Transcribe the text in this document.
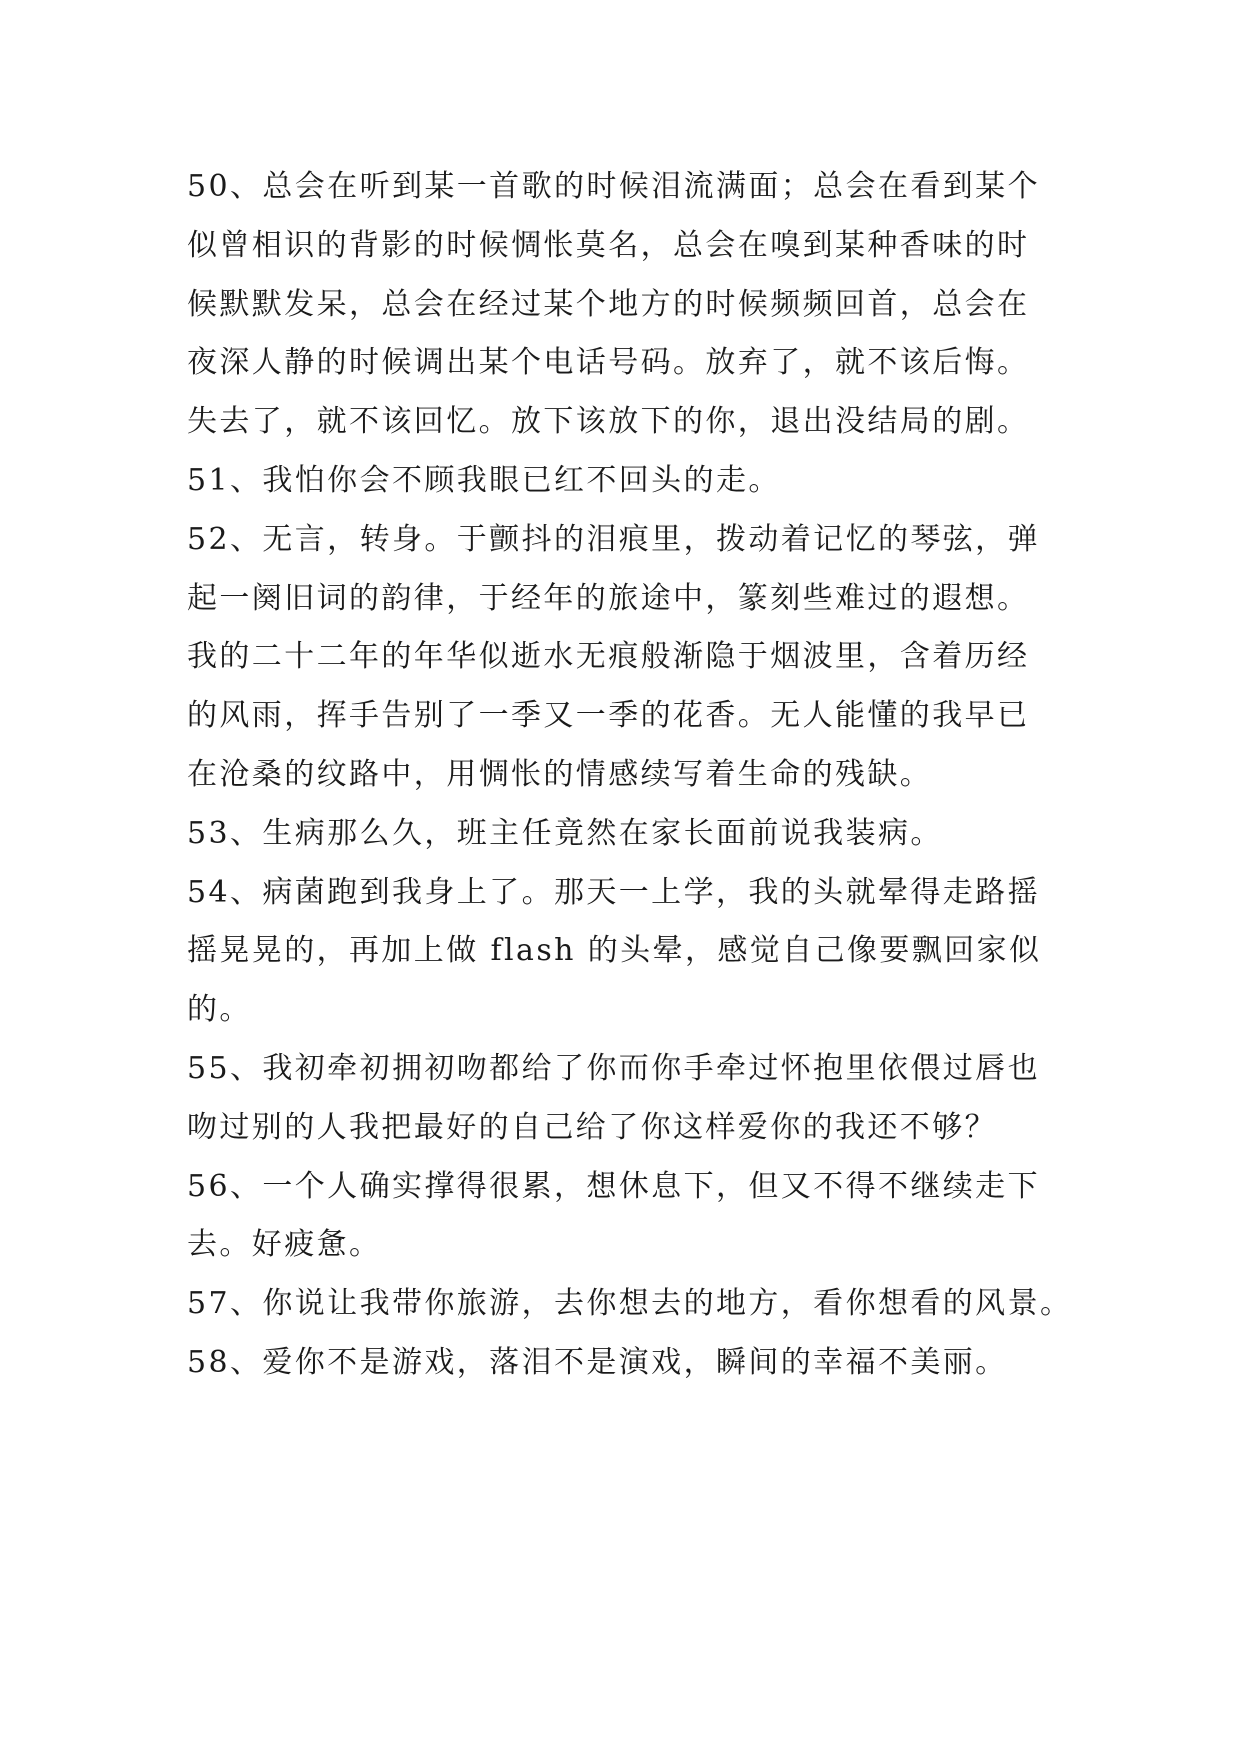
50、总会在听到某一首歌的时候泪流满面；总会在看到某个
似曾相识的背影的时候惆怅莫名，总会在嗅到某种香味的时
候默默发呆，总会在经过某个地方的时候频频回首，总会在
夜深人静的时候调出某个电话号码。放弃了，就不该后悔。
失去了，就不该回忆。放下该放下的你，退出没结局的剧。
51、我怕你会不顾我眼已红不回头的走。
52、无言，转身。于颤抖的泪痕里，拨动着记忆的琴弦，弹
起一阕旧词的韵律，于经年的旅途中，篆刻些难过的遐想。
我的二十二年的年华似逝水无痕般渐隐于烟波里，含着历经
的风雨，挥手告别了一季又一季的花香。无人能懂的我早已
在沧桑的纹路中，用惆怅的情感续写着生命的残缺。
53、生病那么久，班主任竟然在家长面前说我装病。
54、病菌跑到我身上了。那天一上学，我的头就晕得走路摇
摇晃晃的，再加上做 flash 的头晕，感觉自己像要飘回家似
的。
55、我初牵初拥初吻都给了你而你手牵过怀抱里依偎过唇也
吻过别的人我把最好的自己给了你这样爱你的我还不够？
56、一个人确实撑得很累，想休息下，但又不得不继续走下
去。好疲惫。
57、你说让我带你旅游，去你想去的地方，看你想看的风景。
58、爱你不是游戏，落泪不是演戏，瞬间的幸福不美丽。
